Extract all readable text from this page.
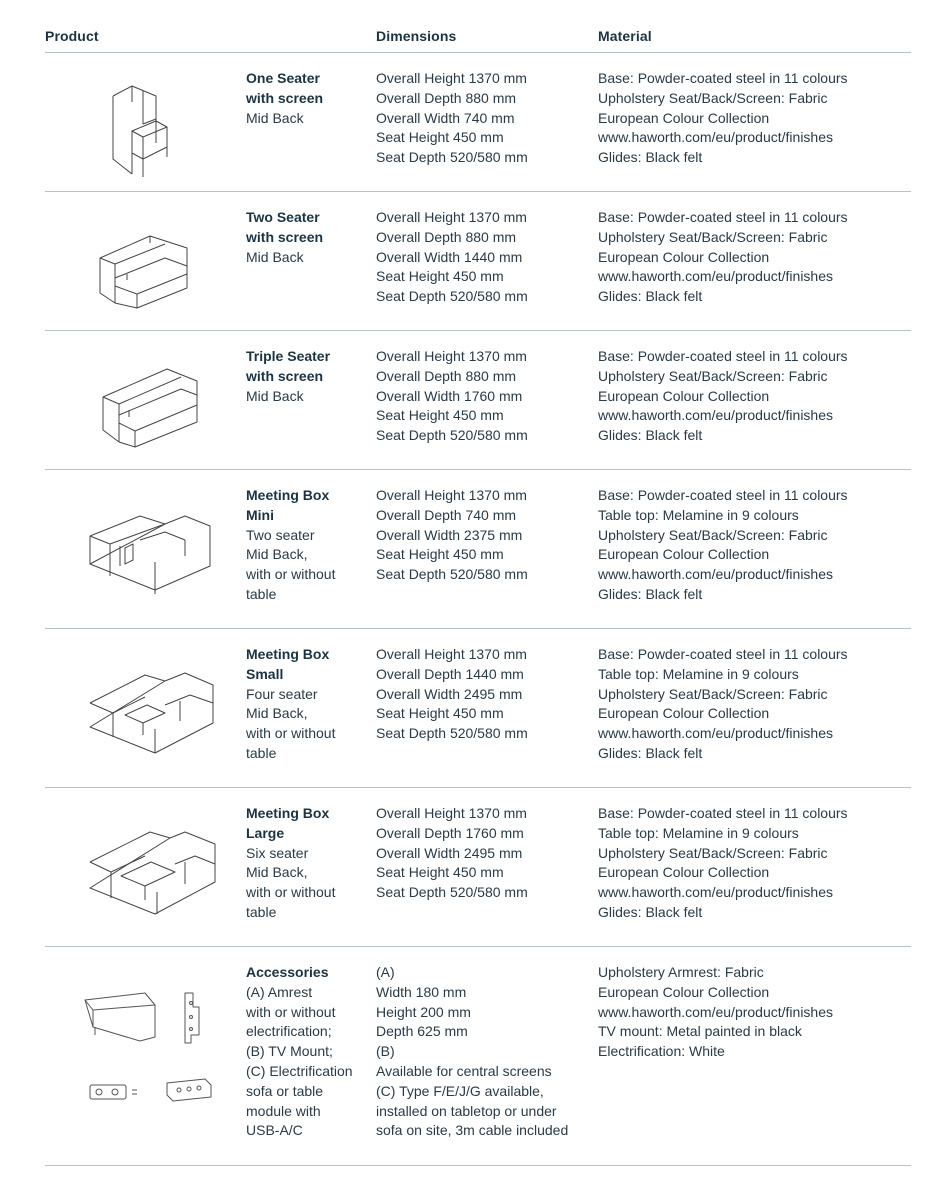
Product	Dimensions	Material
One Seater
with screen
Mid Back
Overall Height 1370 mm
Overall Depth 880 mm
Overall Width 740 mm
Seat Height 450 mm
Seat Depth 520/580 mm
Base: Powder-coated steel in 11 colours
Upholstery Seat/Back/Screen: Fabric
European Colour Collection
www.haworth.com/eu/product/finishes
Glides: Black felt
Two Seater
with screen
Mid Back
Overall Height 1370 mm
Overall Depth 880 mm
Overall Width 1440 mm
Seat Height 450 mm
Seat Depth 520/580 mm
Base: Powder-coated steel in 11 colours
Upholstery Seat/Back/Screen: Fabric
European Colour Collection
www.haworth.com/eu/product/finishes
Glides: Black felt
Triple Seater
with screen
Mid Back
Overall Height 1370 mm
Overall Depth 880 mm
Overall Width 1760 mm
Seat Height 450 mm
Seat Depth 520/580 mm
Base: Powder-coated steel in 11 colours
Upholstery Seat/Back/Screen: Fabric
European Colour Collection
www.haworth.com/eu/product/finishes
Glides: Black felt
Meeting Box
Mini
Two seater
Mid Back,
with or without
table
Overall Height 1370 mm
Overall Depth 740 mm
Overall Width 2375 mm
Seat Height 450 mm
Seat Depth 520/580 mm
Base: Powder-coated steel in 11 colours
Table top: Melamine in 9 colours
Upholstery Seat/Back/Screen: Fabric
European Colour Collection
www.haworth.com/eu/product/finishes
Glides: Black felt
Meeting Box
Small
Four seater
Mid Back,
with or without
table
Overall Height 1370 mm
Overall Depth 1440 mm
Overall Width 2495 mm
Seat Height 450 mm
Seat Depth 520/580 mm
Base: Powder-coated steel in 11 colours
Table top: Melamine in 9 colours
Upholstery Seat/Back/Screen: Fabric
European Colour Collection
www.haworth.com/eu/product/finishes
Glides: Black felt
Meeting Box
Large
Six seater
Mid Back,
with or without
table
Overall Height 1370 mm
Overall Depth 1760 mm
Overall Width 2495 mm
Seat Height 450 mm
Seat Depth 520/580 mm
Base: Powder-coated steel in 11 colours
Table top: Melamine in 9 colours
Upholstery Seat/Back/Screen: Fabric
European Colour Collection
www.haworth.com/eu/product/finishes
Glides: Black felt
Accessories
(A) Amrest
with or without
electrification;
(B) TV Mount;
(C) Electrification
sofa or table
module with
USB-A/C
(A)
Width 180 mm
Height 200 mm
Depth 625 mm
(B)
Available for central screens
(C) Type F/E/J/G available,
installed on tabletop or under
sofa on site, 3m cable included
Upholstery Armrest: Fabric
European Colour Collection
www.haworth.com/eu/product/finishes
TV mount: Metal painted in black
Electrification: White
